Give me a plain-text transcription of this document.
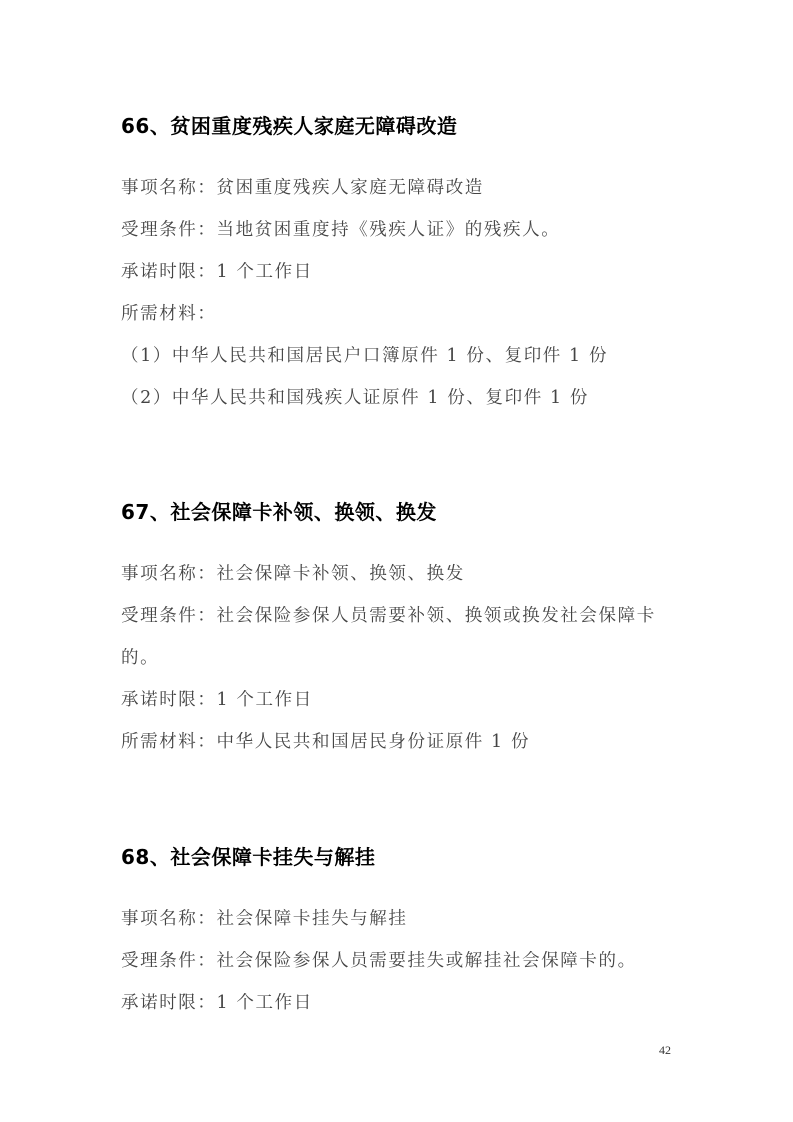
66、贫困重度残疾人家庭无障碍改造
事项名称：贫困重度残疾人家庭无障碍改造
受理条件：当地贫困重度持《残疾人证》的残疾人。
承诺时限：1 个工作日
所需材料：
（1）中华人民共和国居民户口簿原件 1 份、复印件 1 份
（2）中华人民共和国残疾人证原件 1 份、复印件 1 份
67、社会保障卡补领、换领、换发
事项名称：社会保障卡补领、换领、换发
受理条件：社会保险参保人员需要补领、换领或换发社会保障卡
的。
承诺时限：1 个工作日
所需材料：中华人民共和国居民身份证原件 1 份
68、社会保障卡挂失与解挂
事项名称：社会保障卡挂失与解挂
受理条件：社会保险参保人员需要挂失或解挂社会保障卡的。
承诺时限：1 个工作日
42
